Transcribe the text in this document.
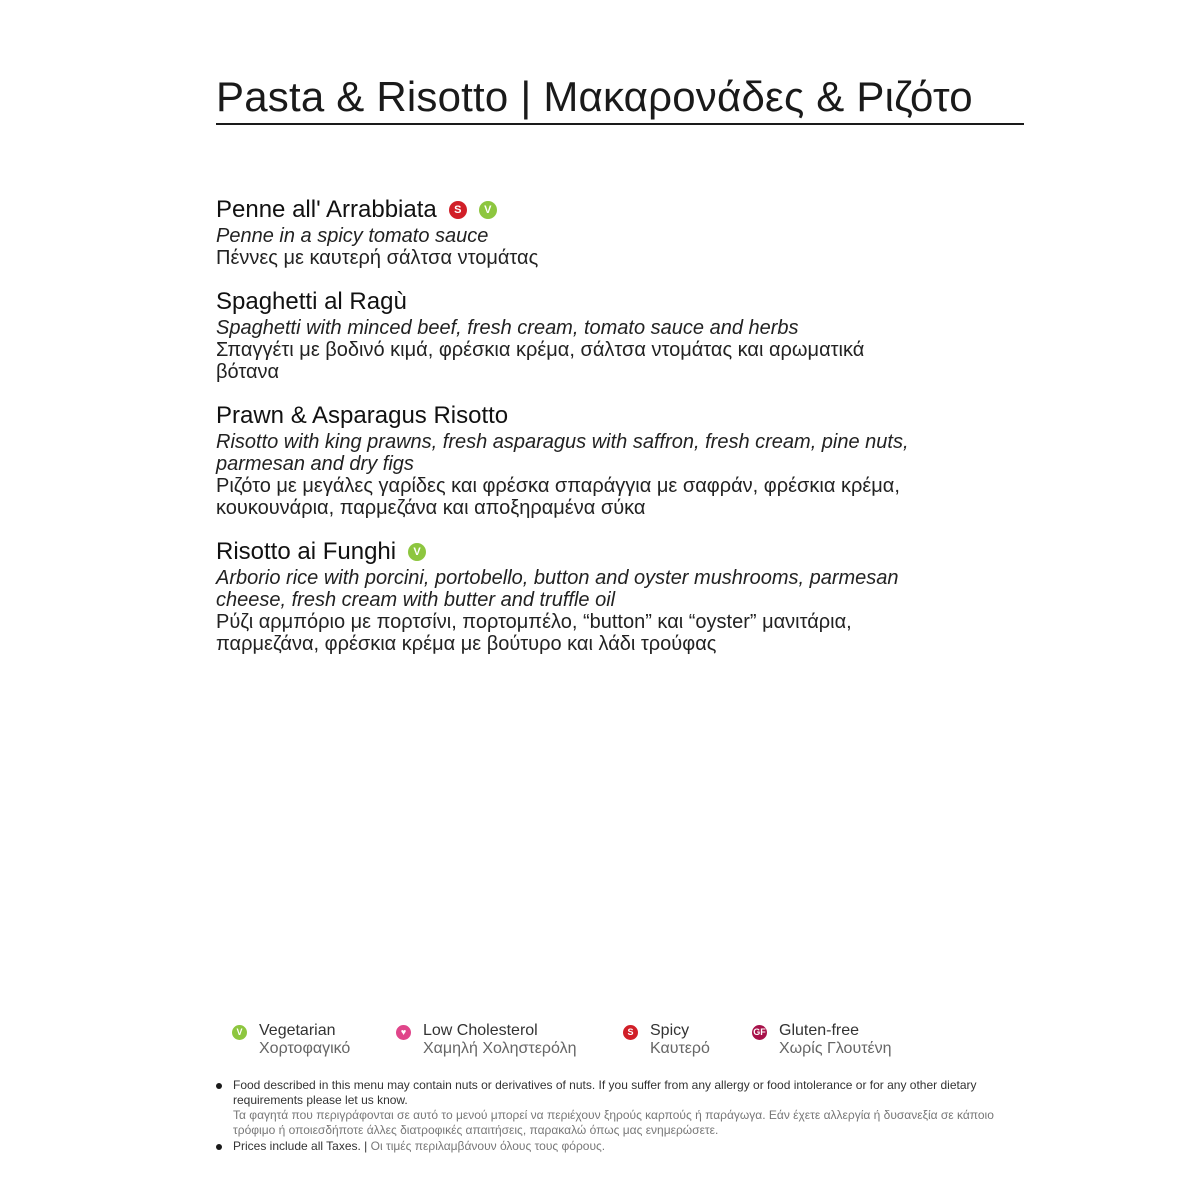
Pasta & Risotto | Μακαρονάδες & Ριζότο
Penne all' Arrabbiata	S	V
Penne in a spicy tomato sauce
Πέννες με καυτερή σάλτσα ντομάτας
Spaghetti al Ragù
Spaghetti with minced beef, fresh cream, tomato sauce and herbs
Σπαγγέτι με βοδινό κιμά, φρέσκια κρέμα, σάλτσα ντομάτας και αρωματικά βότανα
Prawn & Asparagus Risotto
Risotto with king prawns, fresh asparagus with saffron, fresh cream, pine nuts, parmesan and dry figs
Ριζότο με μεγάλες γαρίδες και φρέσκα σπαράγγια με σαφράν, φρέσκια κρέμα, κουκουνάρια, παρμεζάνα και αποξηραμένα σύκα
Risotto ai Funghi	V
Arborio rice with porcini, portobello, button and oyster mushrooms, parmesan cheese, fresh cream with butter and truffle oil
Ρύζι αρμπόριο με πορτσίνι, πορτομπέλο, “button” και “oyster” μανιτάρια, παρμεζάνα, φρέσκια κρέμα με βούτυρο και λάδι τρούφας
V Vegetarian
Χορτοφαγικό
♥	Low Cholesterol
Χαμηλή Χοληστερόλη
S Spicy
Καυτερό
GF Gluten-free
Χωρίς Γλουτένη
Food described in this menu may contain nuts or derivatives of nuts. If you suffer from any allergy or food intolerance or for any other dietary requirements please let us know.
Τα φαγητά που περιγράφονται σε αυτό το μενού μπορεί να περιέχουν ξηρούς καρπούς ή παράγωγα. Εάν έχετε αλλεργία ή δυσανεξία σε κάποιο τρόφιμο ή οποιεσδήποτε άλλες διατροφικές απαιτήσεις, παρακαλώ όπως μας ενημερώσετε.
Prices include all Taxes. | Οι τιμές περιλαμβάνουν όλους τους φόρους.
